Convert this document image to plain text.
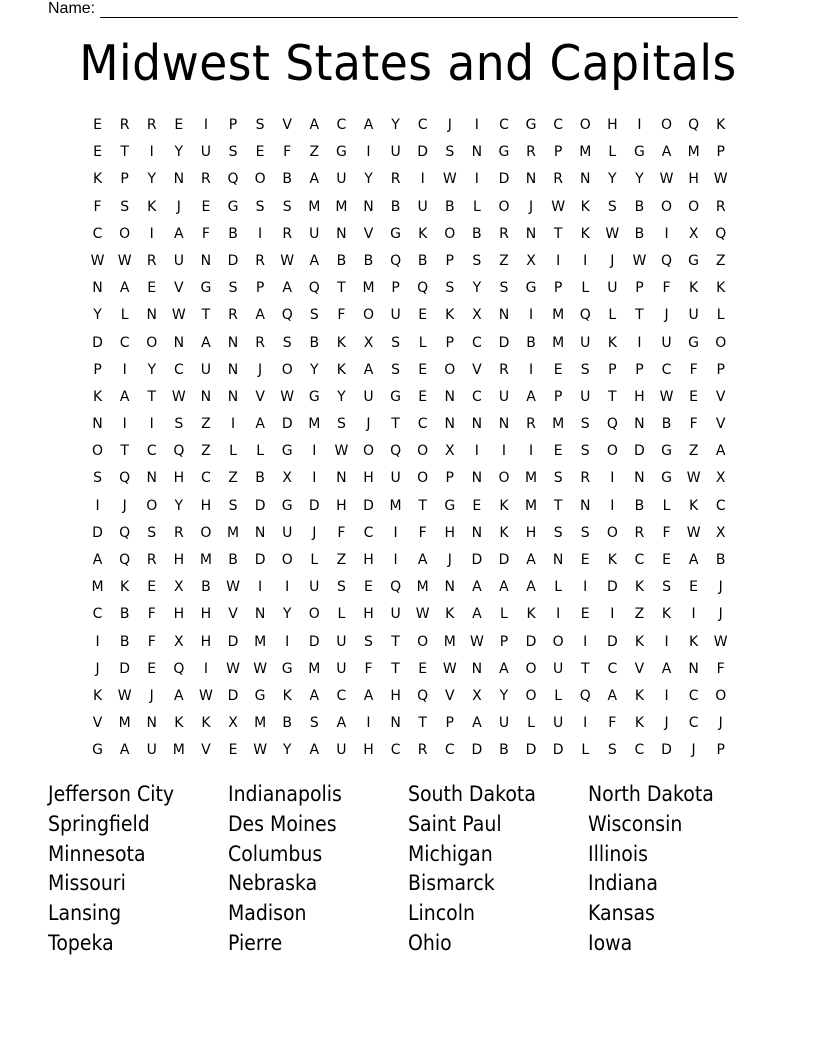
Name:
Midwest States and Capitals
E	R	R	E	I	P	S	V	A	C	A	Y	C	J	I	C	G	C	O	H	I	O	Q	K
E	T	I	Y	U	S	E	F	Z	G	I	U	D	S	N	G	R	P	M	L	G	A	M	P
K	P	Y	N	R	Q	O	B	A	U	Y	R	I	W	I	D	N	R	N	Y	Y	W	H	W
F	S	K	J	E	G	S	S	M	M	N	B	U	B	L	O	J	W	K	S	B	O	O	R
C	O	I	A	F	B	I	R	U	N	V	G	K	O	B	R	N	T	K	W	B	I	X	Q
W W	R	U	N	D	R	W	A	B	B	Q	B	P	S	Z	X	I	I	J	W	Q	G	Z
N	A	E	V	G	S	P	A	Q	T	M	P	Q	S	Y	S	G	P	L	U	P	F	K	K
Y	L	N	W	T	R	A	Q	S	F	O	U	E	K	X	N	I	M	Q	L	T	J	U	L
D	C	O	N	A	N	R	S	B	K	X	S	L	P	C	D	B	M	U	K	I	U	G	O
P	I	Y	C	U	N	J	O	Y	K	A	S	E	O	V	R	I	E	S	P	P	C	F	P
K	A	T	W	N	N	V	W	G	Y	U	G	E	N	C	U	A	P	U	T	H	W	E	V
N	I	I	S	Z	I	A	D	M	S	J	T	C	N	N	N	R	M	S	Q	N	B	F	V
O	T	C	Q	Z	L	L	G	I	W	O	Q	O	X	I	I	I	E	S	O	D	G	Z	A
S	Q	N	H	C	Z	B	X	I	N	H	U	O	P	N	O	M	S	R	I	N	G	W	X
I	J	O	Y	H	S	D	G	D	H	D	M	T	G	E	K	M	T	N	I	B	L	K	C
D	Q	S	R	O	M	N	U	J	F	C	I	F	H	N	K	H	S	S	O	R	F	W	X
A	Q	R	H	M	B	D	O	L	Z	H	I	A	J	D	D	A	N	E	K	C	E	A	B
M	K	E	X	B	W	I	I	U	S	E	Q	M	N	A	A	A	L	I	D	K	S	E	J
C	B	F	H	H	V	N	Y	O	L	H	U	W	K	A	L	K	I	E	I	Z	K	I	J
I	B	F	X	H	D	M	I	D	U	S	T	O	M	W	P	D	O	I	D	K	I	K	W
J	D	E	Q	I	W W	G	M	U	F	T	E	W	N	A	O	U	T	C	V	A	N	F
K	W	J	A	W	D	G	K	A	C	A	H	Q	V	X	Y	O	L	Q	A	K	I	C	O
V	M	N	K	K	X	M	B	S	A	I	N	T	P	A	U	L	U	I	F	K	J	C	J
G	A	U	M	V	E	W	Y	A	U	H	C	R	C	D	B	D	D	L	S	C	D	J	P
Jefferson City
Springfield
Minnesota
Missouri
Lansing
Topeka
Indianapolis
Des Moines
Columbus
Nebraska
Madison
Pierre
South Dakota
Saint Paul
Michigan
Bismarck
Lincoln
Ohio
North Dakota
Wisconsin
Illinois
Indiana
Kansas
Iowa
